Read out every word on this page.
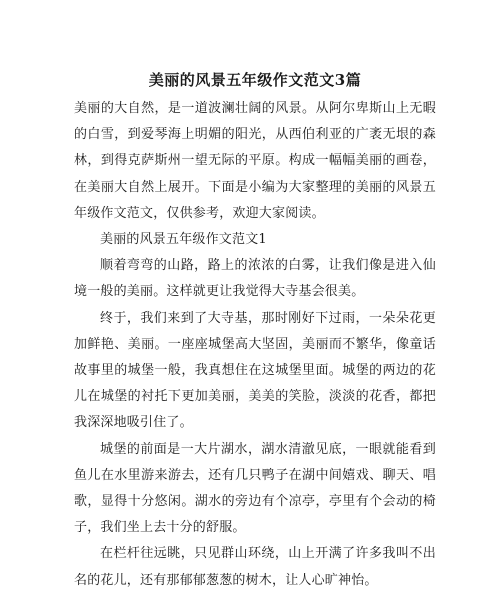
美丽的风景五年级作文范文3篇

美丽的大自然，是一道波澜壮阔的风景。从阿尔卑斯山上无暇的白雪，到爱琴海上明媚的阳光，从西伯利亚的广袤无垠的森林，到得克萨斯州一望无际的平原。构成一幅幅美丽的画卷，在美丽大自然上展开。下面是小编为大家整理的美丽的风景五年级作文范文，仅供参考，欢迎大家阅读。

美丽的风景五年级作文范文1

顺着弯弯的山路，路上的浓浓的白雾，让我们像是进入仙境一般的美丽。这样就更让我觉得大寺基会很美。

终于，我们来到了大寺基，那时刚好下过雨，一朵朵花更加鲜艳、美丽。一座座城堡高大坚固，美丽而不繁华，像童话故事里的城堡一般，我真想住在这城堡里面。城堡的两边的花儿在城堡的衬托下更加美丽，美美的笑脸，淡淡的花香，都把我深深地吸引住了。

城堡的前面是一大片湖水，湖水清澈见底，一眼就能看到鱼儿在水里游来游去，还有几只鸭子在湖中间嬉戏、聊天、唱歌，显得十分悠闲。湖水的旁边有个凉亭，亭里有个会动的椅子，我们坐上去十分的舒服。

在栏杆往远眺，只见群山环绕，山上开满了许多我叫不出名的花儿，还有那郁郁葱葱的树木，让人心旷神怡。
